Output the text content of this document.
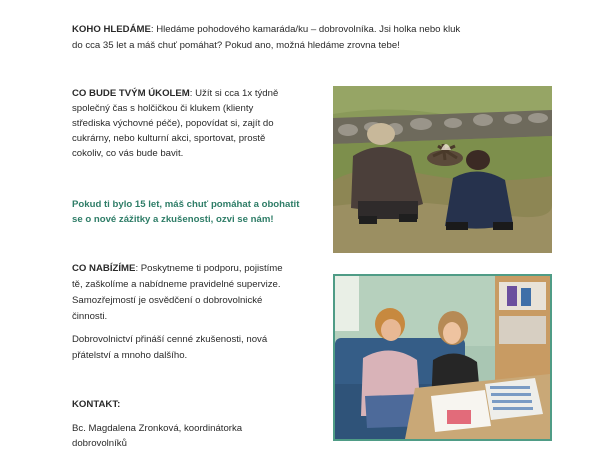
KOHO HLEDÁME: Hledáme pohodového kamaráda/ku – dobrovolníka. Jsi holka nebo kluk

do cca 35 let a máš chuť pomáhat? Pokud ano, možná hledáme zrovna tebe!

CO BUDE TVÝM ÚKOLEM: Užít si cca 1x týdně

společný čas s holčičkou či klukem (klienty

střediska výchovné péče), popovídat si, zajít do

cukrárny, nebo kulturní akci, sportovat, prostě

cokoliv, co vás bude bavit.

Pokud ti bylo 15 let, máš chuť pomáhat a obohatit

se o nové zážitky a zkušenosti, ozvi se nám!

CO NABÍZÍME: Poskytneme ti podporu, pojistíme

tě, zaškolíme a nabídneme pravidelné supervize.

Samozřejmostí je osvědčení o dobrovolnické

činnosti.

Dobrovolnictví přináší cenné zkušenosti, nová

přátelství a mnoho dalšího.

KONTAKT:

Bc. Magdalena Zronková, koordinátorka

dobrovolníků
